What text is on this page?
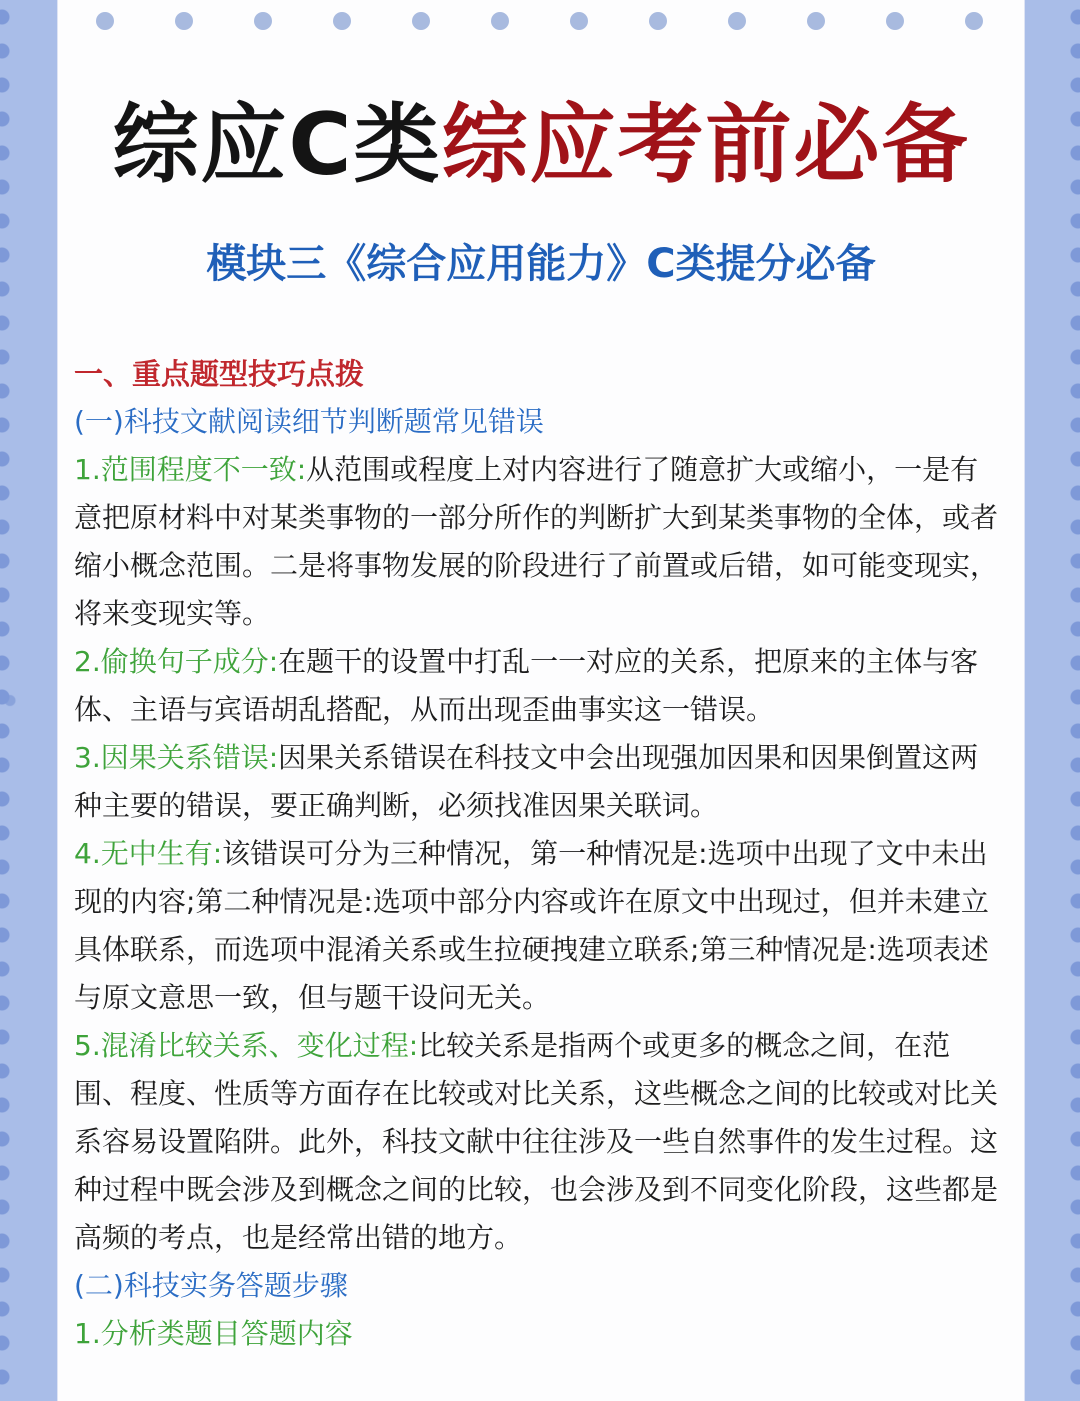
综应C类综应考前必备
模块三《综合应用能力》C类提分必备

一、重点题型技巧点拨

(一)科技文献阅读细节判断题常见错误

1.范围程度不一致:从范围或程度上对内容进行了随意扩大或缩小，一是有意把原材料中对某类事物的一部分所作的判断扩大到某类事物的全体，或者缩小概念范围。二是将事物发展的阶段进行了前置或后错，如可能变现实，将来变现实等。

2.偷换句子成分:在题干的设置中打乱一一对应的关系，把原来的主体与客体、主语与宾语胡乱搭配，从而出现歪曲事实这一错误。

3.因果关系错误:因果关系错误在科技文中会出现强加因果和因果倒置这两种主要的错误，要正确判断，必须找准因果关联词。

4.无中生有:该错误可分为三种情况，第一种情况是:选项中出现了文中未出现的内容;第二种情况是:选项中部分内容或许在原文中出现过，但并未建立具体联系，而选项中混淆关系或生拉硬拽建立联系;第三种情况是:选项表述与原文意思一致，但与题干设问无关。

5.混淆比较关系、变化过程:比较关系是指两个或更多的概念之间，在范围、程度、性质等方面存在比较或对比关系，这些概念之间的比较或对比关系容易设置陷阱。此外，科技文献中往往涉及一些自然事件的发生过程。这种过程中既会涉及到概念之间的比较，也会涉及到不同变化阶段，这些都是高频的考点，也是经常出错的地方。

(二)科技实务答题步骤

1.分析类题目答题内容
